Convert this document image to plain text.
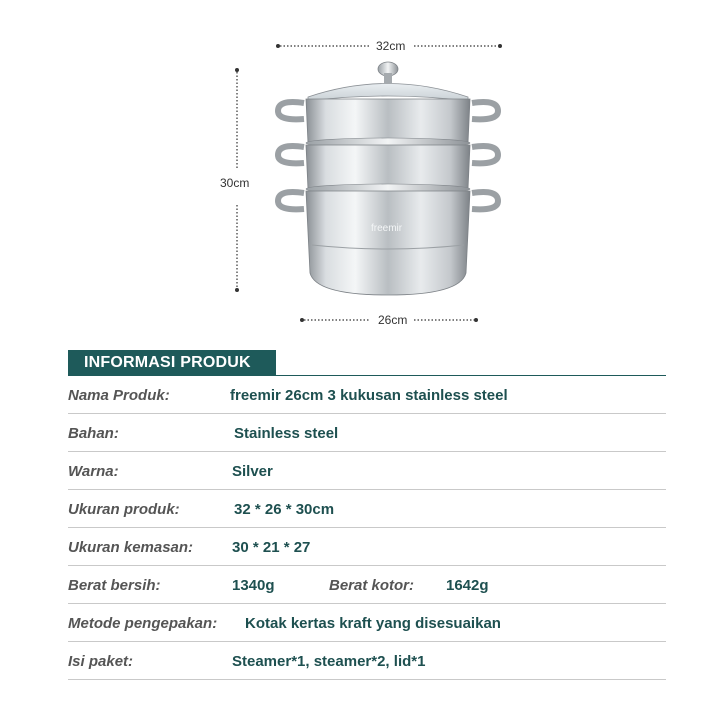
32cm
30cm
26cm
freemir
INFORMASI PRODUK
Nama Produk:	freemir 26cm 3 kukusan stainless steel
Bahan:	Stainless steel
Warna:	Silver
Ukuran produk:	32 * 26 * 30cm
Ukuran kemasan:	30 * 21 * 27
Berat bersih:	1340g	Berat kotor: 1642g
Metode pengepakan: Kotak kertas kraft yang disesuaikan
Isi paket:	Steamer*1, steamer*2, lid*1
